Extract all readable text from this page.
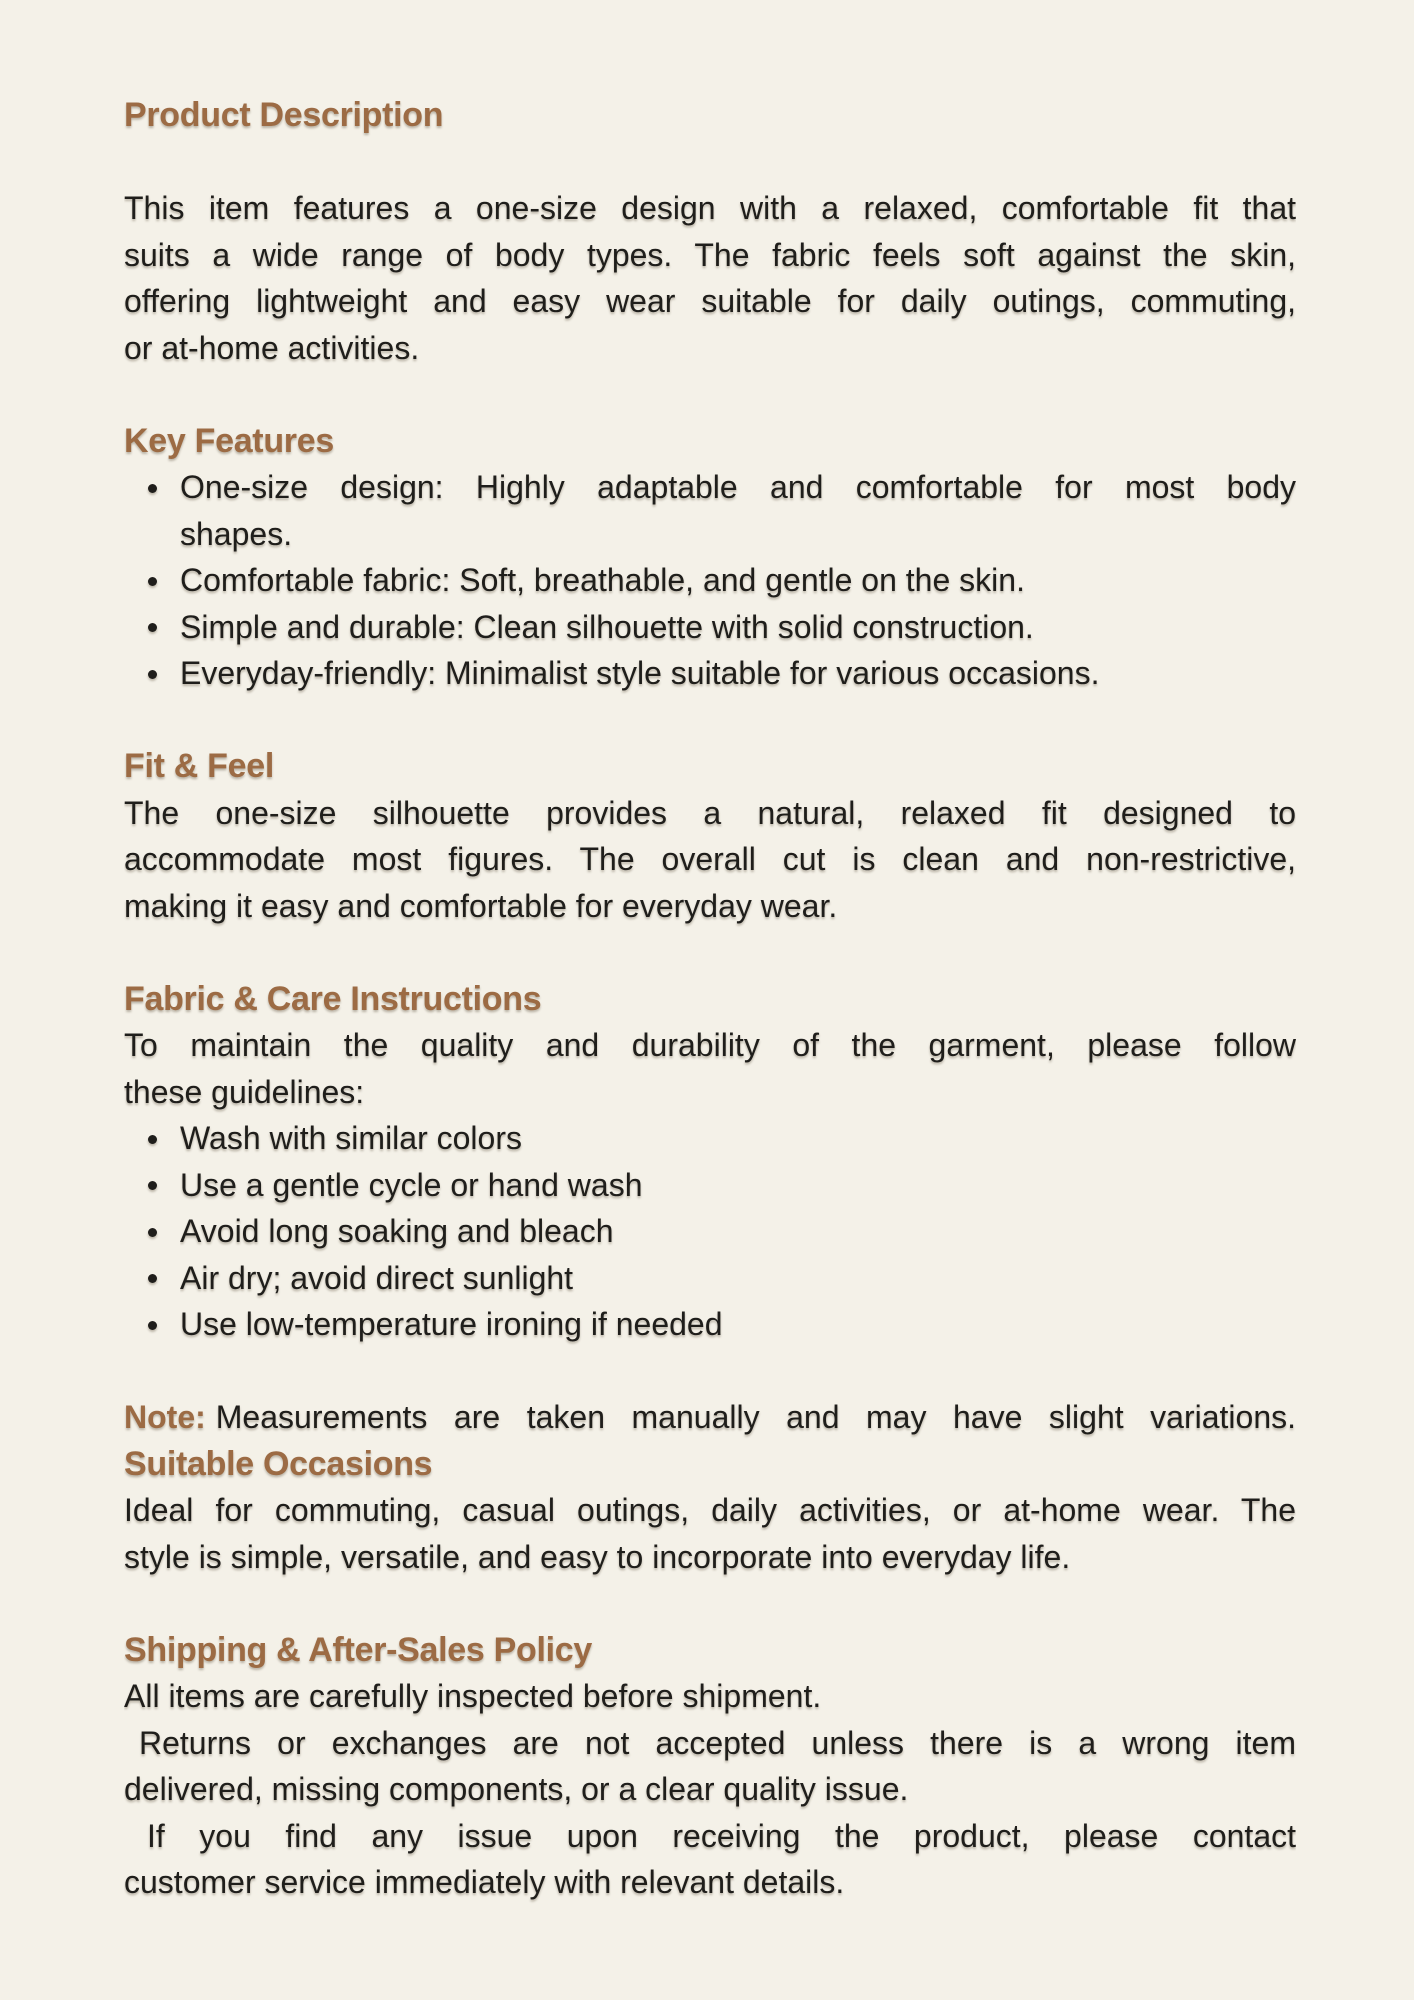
Product Description
This item features a one-size design with a relaxed, comfortable fit that
suits a wide range of body types. The fabric feels soft against the skin,
offering lightweight and easy wear suitable for daily outings, commuting,
or at-home activities.
Key Features
One-size design: Highly adaptable and comfortable for most body
shapes.
Comfortable fabric: Soft, breathable, and gentle on the skin.
Simple and durable: Clean silhouette with solid construction.
Everyday-friendly: Minimalist style suitable for various occasions.
Fit & Feel
The one-size silhouette provides a natural, relaxed fit designed to
accommodate most figures. The overall cut is clean and non-restrictive,
making it easy and comfortable for everyday wear.
Fabric & Care Instructions
To maintain the quality and durability of the garment, please follow
these guidelines:
Wash with similar colors
Use a gentle cycle or hand wash
Avoid long soaking and bleach
Air dry; avoid direct sunlight
Use low-temperature ironing if needed
Note: Measurements are taken manually and may have slight variations.
Suitable Occasions
Ideal for commuting, casual outings, daily activities, or at-home wear. The
style is simple, versatile, and easy to incorporate into everyday life.
Shipping & After-Sales Policy
All items are carefully inspected before shipment.
Returns or exchanges are not accepted unless there is a wrong item
delivered, missing components, or a clear quality issue.
If you find any issue upon receiving the product, please contact
customer service immediately with relevant details.
